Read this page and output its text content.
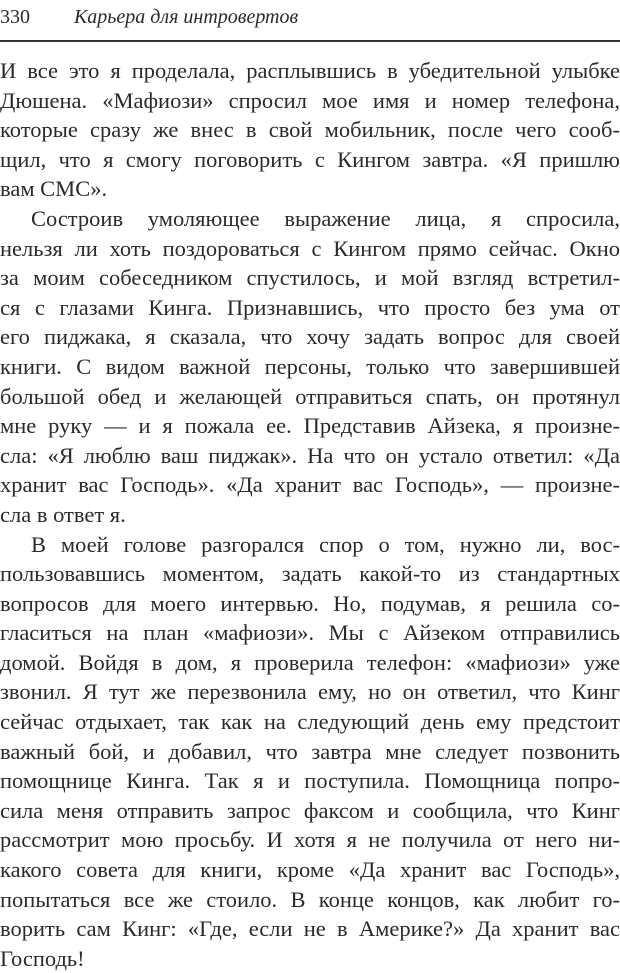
330 Карьера для интровертов
И все это я проделала, расплывшись в убедительной улыбке
Дюшена. «Мафиози» спросил мое имя и номер телефона,
которые сразу же внес в свой мобильник, после чего сооб-
щил, что я смогу поговорить с Кингом завтра. «Я пришлю
вам СМС».
Состроив умоляющее выражение лица, я спросила,
нельзя ли хоть поздороваться с Кингом прямо сейчас. Окно
за моим собеседником спустилось, и мой взгляд встретил-
ся с глазами Кинга. Признавшись, что просто без ума от
его пиджака, я сказала, что хочу задать вопрос для своей
книги. С видом важной персоны, только что завершившей
большой обед и желающей отправиться спать, он протянул
мне руку — и я пожала ее. Представив Айзека, я произне-
сла: «Я люблю ваш пиджак». На что он устало ответил: «Да
хранит вас Господь». «Да хранит вас Господь», — произне-
сла в ответ я.
В моей голове разгорался спор о том, нужно ли, вос-
пользовавшись моментом, задать какой-то из стандартных
вопросов для моего интервью. Но, подумав, я решила со-
гласиться на план «мафиози». Мы с Айзеком отправились
домой. Войдя в дом, я проверила телефон: «мафиози» уже
звонил. Я тут же перезвонила ему, но он ответил, что Кинг
сейчас отдыхает, так как на следующий день ему предстоит
важный бой, и добавил, что завтра мне следует позвонить
помощнице Кинга. Так я и поступила. Помощница попро-
сила меня отправить запрос факсом и сообщила, что Кинг
рассмотрит мою просьбу. И хотя я не получила от него ни-
какого совета для книги, кроме «Да хранит вас Господь»,
попытаться все же стоило. В конце концов, как любит го-
ворить сам Кинг: «Где, если не в Америке?» Да хранит вас
Господь!
